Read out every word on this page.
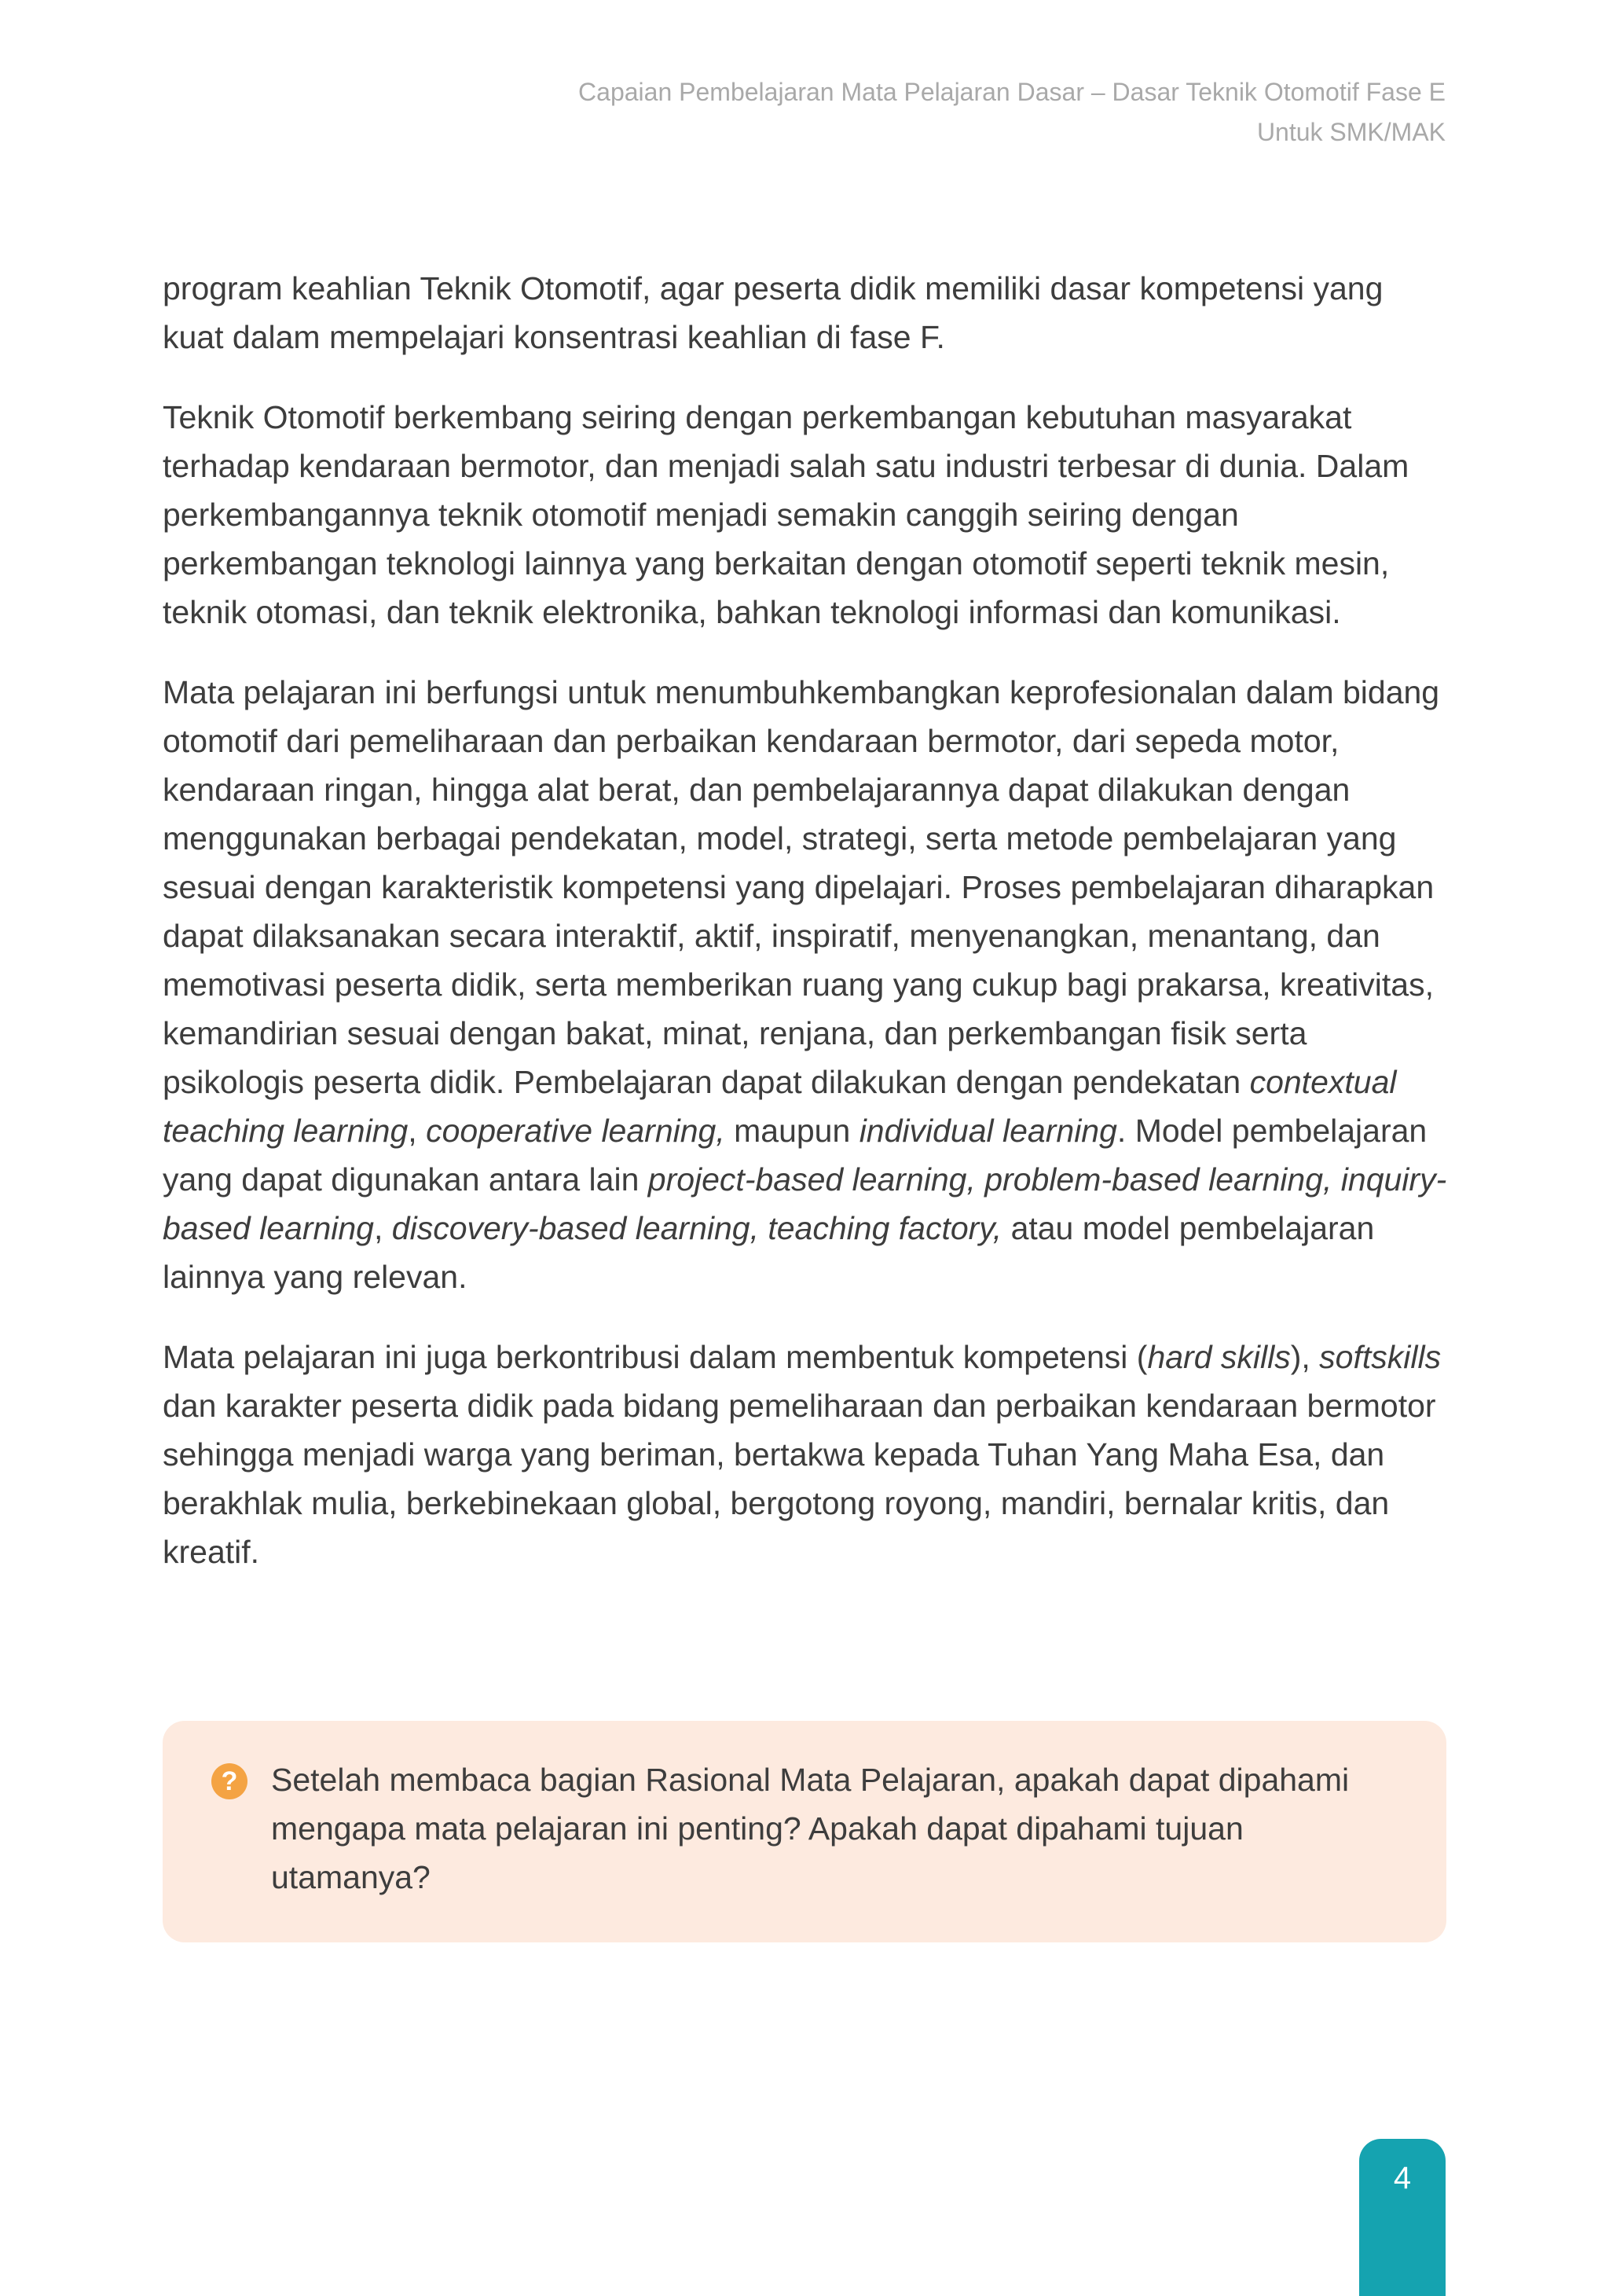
Capaian Pembelajaran Mata Pelajaran Dasar – Dasar Teknik Otomotif Fase E
Untuk SMK/MAK

program keahlian Teknik Otomotif, agar peserta didik memiliki dasar kompetensi yang kuat dalam mempelajari konsentrasi keahlian di fase F.

Teknik Otomotif berkembang seiring dengan perkembangan kebutuhan masyarakat terhadap kendaraan bermotor, dan menjadi salah satu industri terbesar di dunia. Dalam perkembangannya teknik otomotif menjadi semakin canggih seiring dengan perkembangan teknologi lainnya yang berkaitan dengan otomotif seperti teknik mesin, teknik otomasi, dan teknik elektronika, bahkan teknologi informasi dan komunikasi.

Mata pelajaran ini berfungsi untuk menumbuhkembangkan keprofesionalan dalam bidang otomotif dari pemeliharaan dan perbaikan kendaraan bermotor, dari sepeda motor, kendaraan ringan, hingga alat berat, dan pembelajarannya dapat dilakukan dengan menggunakan berbagai pendekatan, model, strategi, serta metode pembelajaran yang sesuai dengan karakteristik kompetensi yang dipelajari. Proses pembelajaran diharapkan dapat dilaksanakan secara interaktif, aktif, inspiratif, menyenangkan, menantang, dan memotivasi peserta didik, serta memberikan ruang yang cukup bagi prakarsa, kreativitas, kemandirian sesuai dengan bakat, minat, renjana, dan perkembangan fisik serta psikologis peserta didik. Pembelajaran dapat dilakukan dengan pendekatan contextual teaching learning, cooperative learning, maupun individual learning. Model pembelajaran yang dapat digunakan antara lain project-based learning, problem-based learning, inquiry-based learning, discovery-based learning, teaching factory, atau model pembelajaran lainnya yang relevan.

Mata pelajaran ini juga berkontribusi dalam membentuk kompetensi (hard skills), softskills dan karakter peserta didik pada bidang pemeliharaan dan perbaikan kendaraan bermotor sehingga menjadi warga yang beriman, bertakwa kepada Tuhan Yang Maha Esa, dan berakhlak mulia, berkebinekaan global, bergotong royong, mandiri, bernalar kritis, dan kreatif.

?	Setelah membaca bagian Rasional Mata Pelajaran, apakah dapat dipahami mengapa mata pelajaran ini penting? Apakah dapat dipahami tujuan utamanya?
4
